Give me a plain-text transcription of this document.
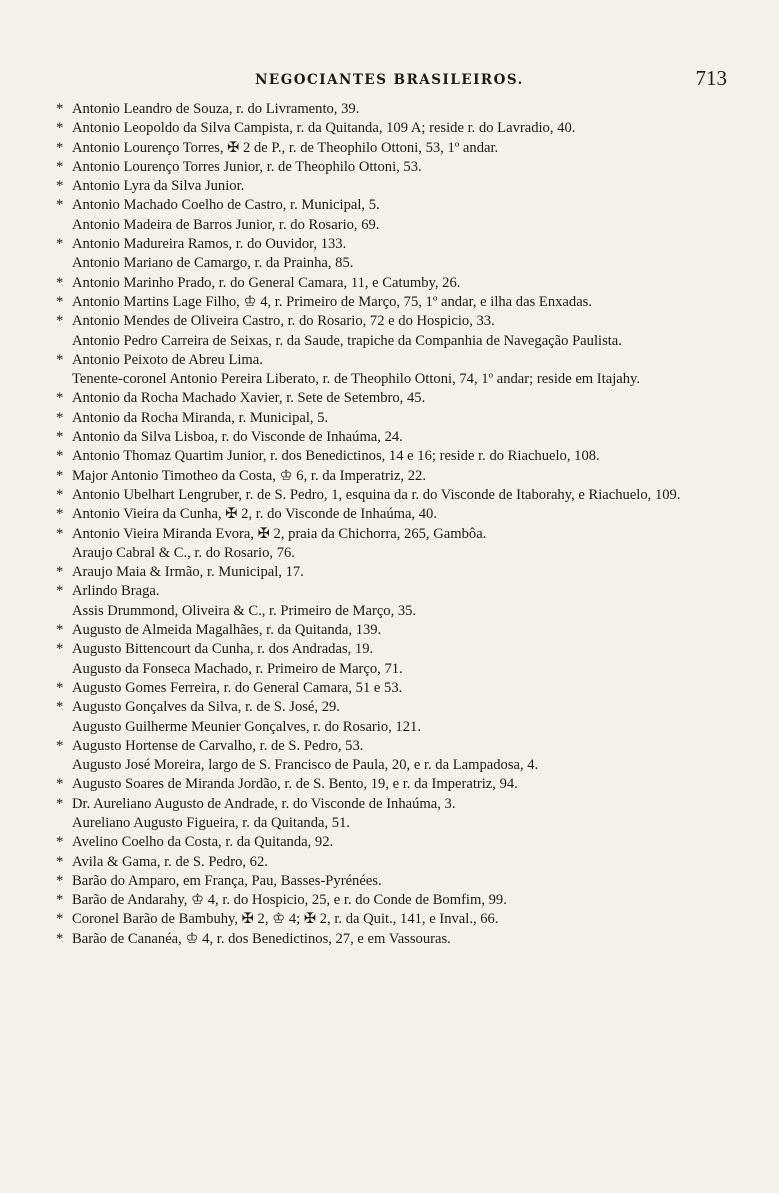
NEGOCIANTES BRASILEIROS.	713
* Antonio Leandro de Souza, r. do Livramento, 39.
* Antonio Leopoldo da Silva Campista, r. da Quitanda, 109 A; reside r. do Lavradio, 40.
* Antonio Lourenço Torres, ✠ 2 de P., r. de Theophilo Ottoni, 53, 1º andar.
* Antonio Lourenço Torres Junior, r. de Theophilo Ottoni, 53.
* Antonio Lyra da Silva Junior.
* Antonio Machado Coelho de Castro, r. Municipal, 5.
Antonio Madeira de Barros Junior, r. do Rosario, 69.
* Antonio Madureira Ramos, r. do Ouvidor, 133.
Antonio Mariano de Camargo, r. da Prainha, 85.
* Antonio Marinho Prado, r. do General Camara, 11, e Catumby, 26.
* Antonio Martins Lage Filho, ♔ 4, r. Primeiro de Março, 75, 1º andar, e ilha das Enxadas.
* Antonio Mendes de Oliveira Castro, r. do Rosario, 72 e do Hospicio, 33.
Antonio Pedro Carreira de Seixas, r. da Saude, trapiche da Companhia de Navegação Paulista.
* Antonio Peixoto de Abreu Lima.
Tenente-coronel Antonio Pereira Liberato, r. de Theophilo Ottoni, 74, 1º andar; reside em Itajahy.
* Antonio da Rocha Machado Xavier, r. Sete de Setembro, 45.
* Antonio da Rocha Miranda, r. Municipal, 5.
* Antonio da Silva Lisboa, r. do Visconde de Inhaúma, 24.
* Antonio Thomaz Quartim Junior, r. dos Benedictinos, 14 e 16; reside r. do Riachuelo, 108.
* Major Antonio Timotheo da Costa, ♔ 6, r. da Imperatriz, 22.
* Antonio Ubelhart Lengruber, r. de S. Pedro, 1, esquina da r. do Visconde de Itaborahy, e Riachuelo, 109.
* Antonio Vieira da Cunha, ✠ 2, r. do Visconde de Inhaúma, 40.
* Antonio Vieira Miranda Evora, ✠ 2, praia da Chichorra, 265, Gambôa.
Araujo Cabral & C., r. do Rosario, 76.
* Araujo Maia & Irmão, r. Municipal, 17.
* Arlindo Braga.
Assis Drummond, Oliveira & C., r. Primeiro de Março, 35.
* Augusto de Almeida Magalhães, r. da Quitanda, 139.
* Augusto Bittencourt da Cunha, r. dos Andradas, 19.
Augusto da Fonseca Machado, r. Primeiro de Março, 71.
* Augusto Gomes Ferreira, r. do General Camara, 51 e 53.
* Augusto Gonçalves da Silva, r. de S. José, 29.
Augusto Guilherme Meunier Gonçalves, r. do Rosario, 121.
* Augusto Hortense de Carvalho, r. de S. Pedro, 53.
Augusto José Moreira, largo de S. Francisco de Paula, 20, e r. da Lampadosa, 4.
* Augusto Soares de Miranda Jordão, r. de S. Bento, 19, e r. da Imperatriz, 94.
* Dr. Aureliano Augusto de Andrade, r. do Visconde de Inhaúma, 3.
Aureliano Augusto Figueira, r. da Quitanda, 51.
* Avelino Coelho da Costa, r. da Quitanda, 92.
* Avila & Gama, r. de S. Pedro, 62.
* Barão do Amparo, em França, Pau, Basses-Pyrénées.
* Barão de Andarahy, ♔ 4, r. do Hospicio, 25, e r. do Conde de Bomfim, 99.
* Coronel Barão de Bambuhy, ✠ 2, ♔ 4; ✠ 2, r. da Quit., 141, e Inval., 66.
* Barão de Cananéa, ♔ 4, r. dos Benedictinos, 27, e em Vassouras.
